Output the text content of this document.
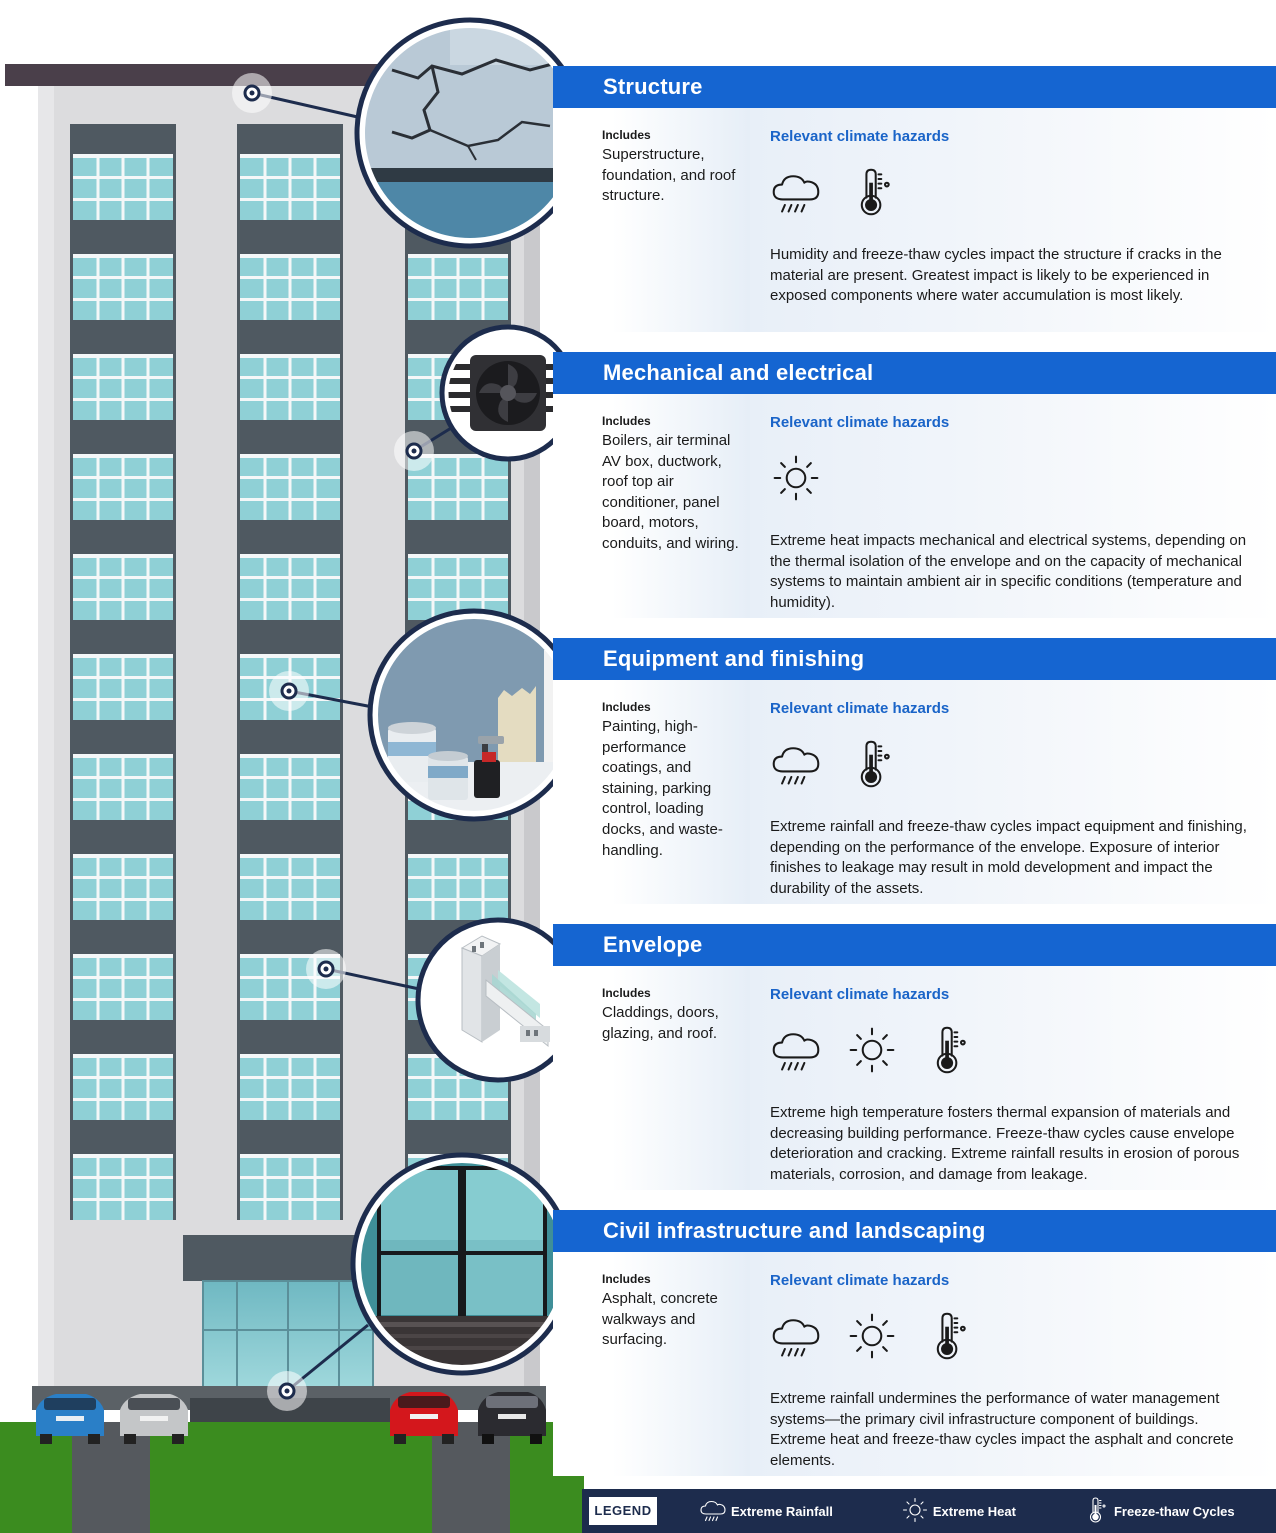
Structure
Includes
Superstructure, foundation, and roof structure.
Relevant climate hazards
Humidity and freeze-thaw cycles impact the structure if cracks in the material are present. Greatest impact is likely to be experienced in exposed components where water accumulation is most likely.
Mechanical and electrical
Includes
Boilers, air terminal AV box, ductwork, roof top air conditioner, panel board, motors, conduits, and wiring.
Relevant climate hazards
Extreme heat impacts mechanical and electrical systems, depending on the thermal isolation of the envelope and on the capacity of mechanical systems to maintain ambient air in specific conditions (temperature and humidity).
Equipment and finishing
Includes
Painting, high-performance coatings, and staining, parking control, loading docks, and waste-handling.
Relevant climate hazards
Extreme rainfall and freeze-thaw cycles impact equipment and finishing, depending on the performance of the envelope. Exposure of interior finishes to leakage may result in mold development and impact the durability of the assets.
Envelope
Includes
Claddings, doors, glazing, and roof.
Relevant climate hazards
Extreme high temperature fosters thermal expansion of materials and decreasing building performance. Freeze-thaw cycles cause envelope deterioration and cracking. Extreme rainfall results in erosion of porous materials, corrosion, and damage from leakage.
Civil infrastructure and landscaping
Includes
Asphalt, concrete walkways and surfacing.
Relevant climate hazards
Extreme rainfall undermines the performance of water management systems—the primary civil infrastructure component of buildings. Extreme heat and freeze-thaw cycles impact the asphalt and concrete elements.
LEGEND	Extreme Rainfall	Extreme Heat	Freeze-thaw Cycles
